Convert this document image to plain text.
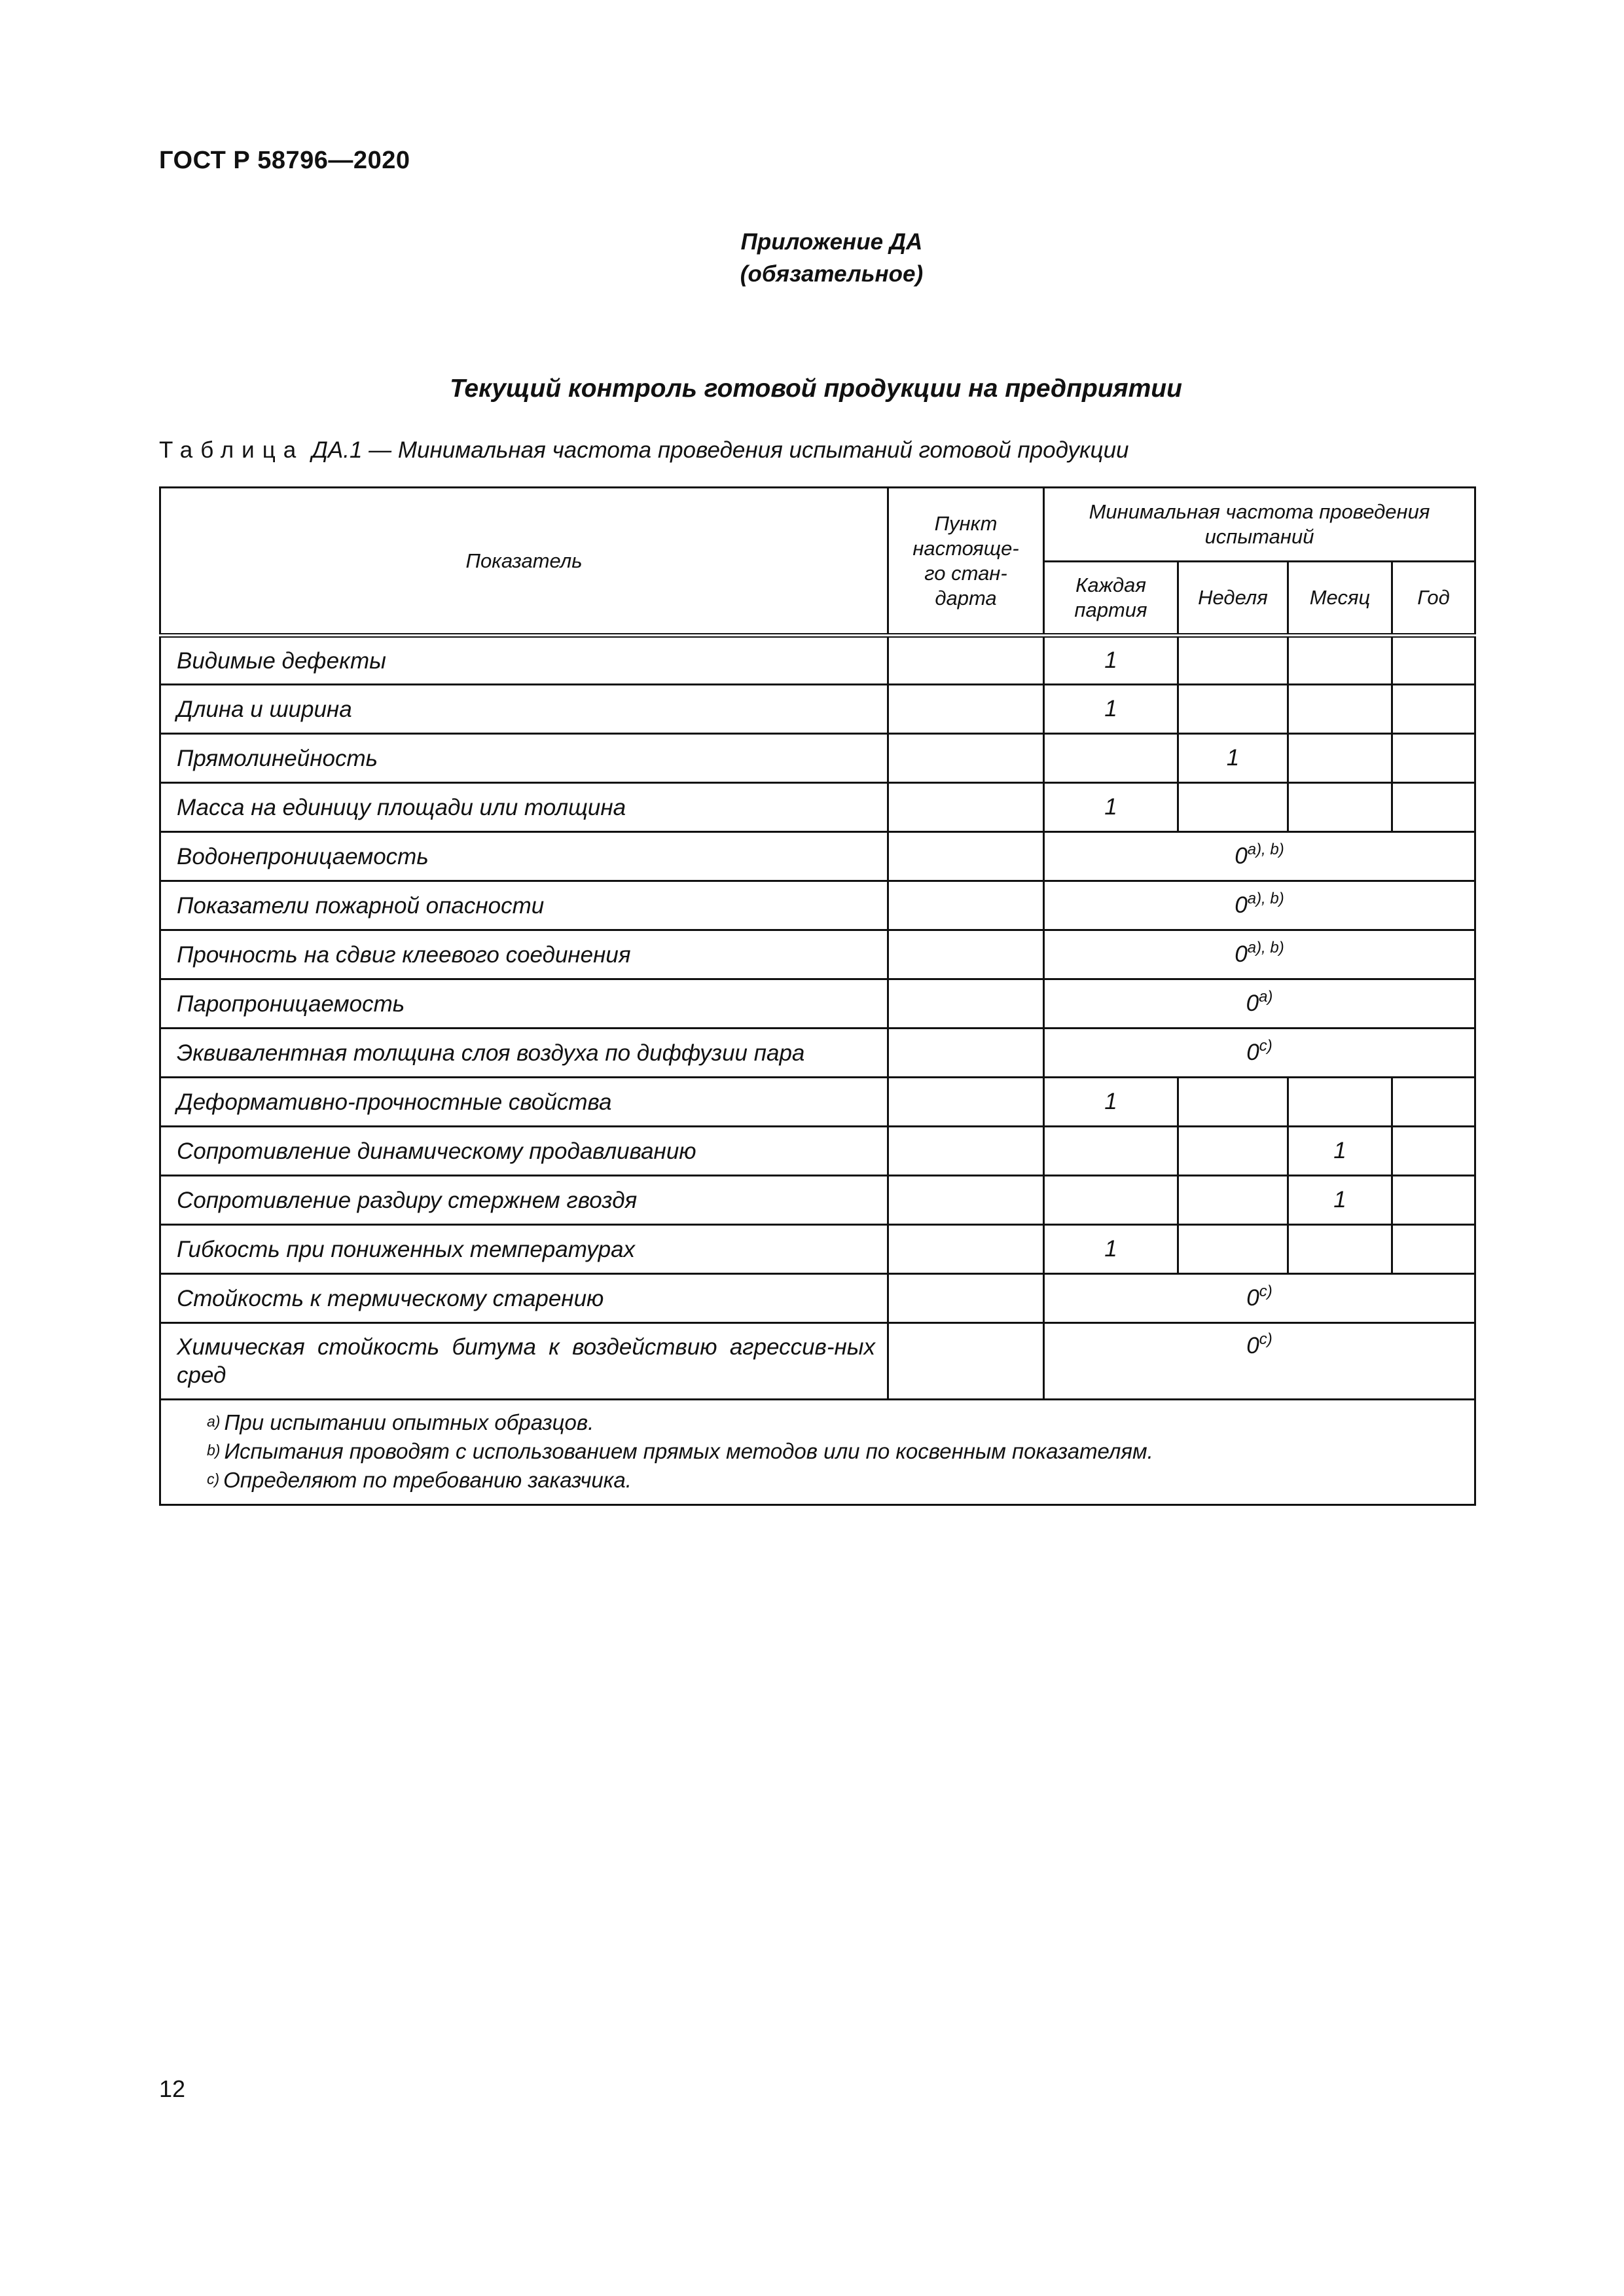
ГОСТ Р 58796—2020
Приложение ДА
(обязательное)
Текущий контроль готовой продукции на предприятии
Таблица ДА.1 — Минимальная частота проведения испытаний готовой продукции
Показатель	Пункт настояще-го стан-дарта	Минимальная частота проведения испытаний			

		Каждая партия	Неделя	Месяц	Год
Видимые дефекты		1			
Длина и ширина		1			
Прямолинейность			1		
Масса на единицу площади или толщина		1			
Водонепроницаемость		$0^{a), b)}$
Показатели пожарной опасности		$0^{a), b)}$
Прочность на сдвиг клеевого соединения		$0^{a), b)}$
Паропроницаемость		0$^{a)}$
Эквивалентная толщина слоя воздуха по диффузии пара		0$^{c)}$
Деформативно-прочностные свойства		1			
Сопротивление динамическому продавливанию				1	
Сопротивление раздиру стержнем гвоздя				1	
Гибкость при пониженных температурах		1			
Стойкость к термическому старению		0$^{c)}$
Химическая стойкость битума к воздействию агрессив-ных сред		0$^{c)}$

$^{a)}$ При испытании опытных образцов.
$^{b)}$ Испытания проводят с использованием прямых методов или по косвенным показателям.
$^{c)}$ Определяют по требованию заказчика.					
12
